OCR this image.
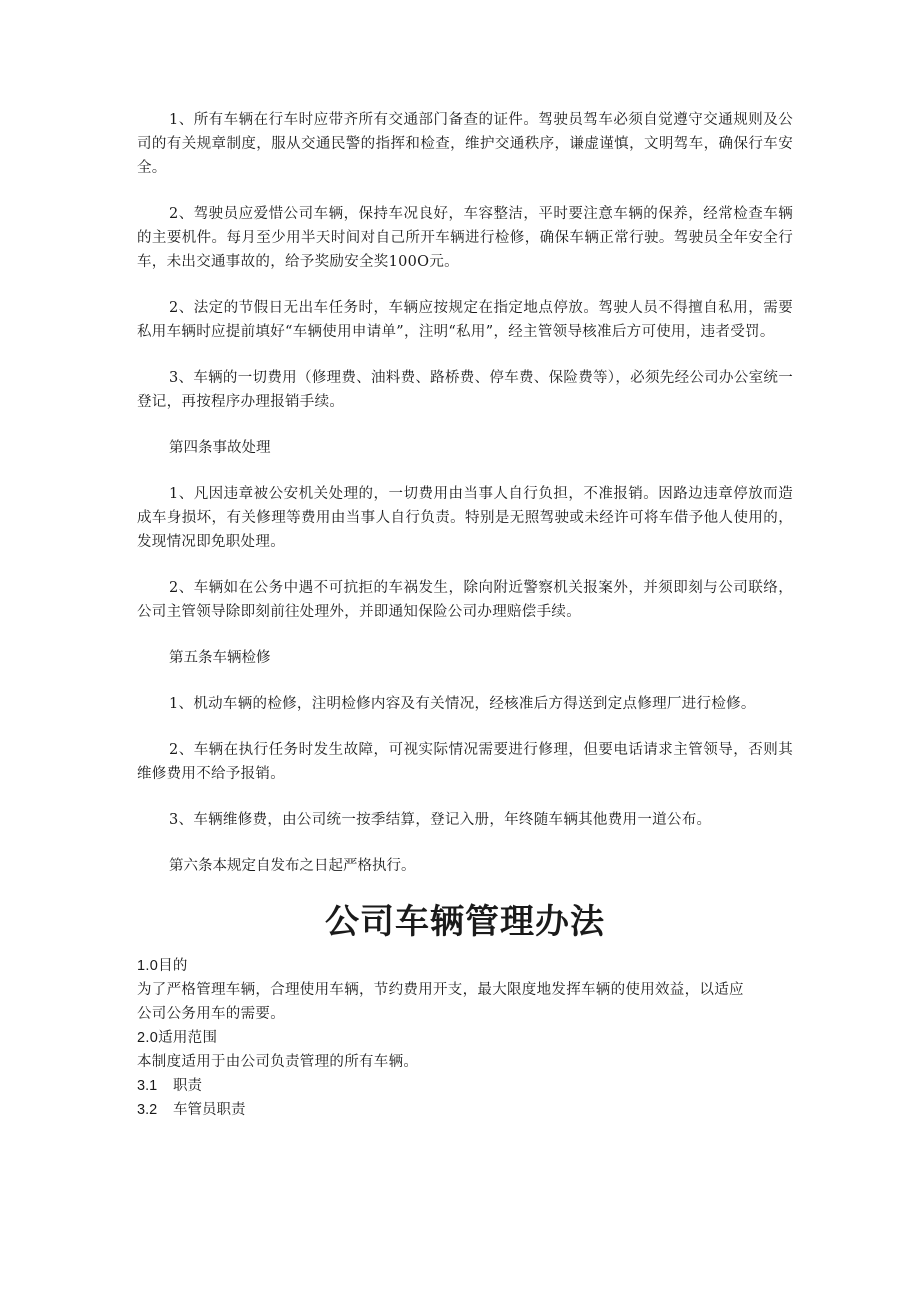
1、所有车辆在行车时应带齐所有交通部门备查的证件。驾驶员驾车必须自觉遵守交通规则及公司的有关规章制度，服从交通民警的指挥和检查，维护交通秩序，谦虚谨慎，文明驾车，确保行车安全。

2、驾驶员应爱惜公司车辆，保持车况良好，车容整洁，平时要注意车辆的保养，经常检查车辆的主要机件。每月至少用半天时间对自己所开车辆进行检修，确保车辆正常行驶。驾驶员全年安全行车，未出交通事故的，给予奖励安全奖100O元。

2、法定的节假日无出车任务时，车辆应按规定在指定地点停放。驾驶人员不得擅自私用，需要私用车辆时应提前填好“车辆使用申请单”，注明“私用”，经主管领导核准后方可使用，违者受罚。

3、车辆的一切费用（修理费、油料费、路桥费、停车费、保险费等），必须先经公司办公室统一登记，再按程序办理报销手续。

第四条事故处理

1、凡因违章被公安机关处理的，一切费用由当事人自行负担，不准报销。因路边违章停放而造成车身损坏，有关修理等费用由当事人自行负责。特别是无照驾驶或未经许可将车借予他人使用的，发现情况即免职处理。

2、车辆如在公务中遇不可抗拒的车祸发生，除向附近警察机关报案外，并须即刻与公司联络，公司主管领导除即刻前往处理外，并即通知保险公司办理赔偿手续。

第五条车辆检修

1、机动车辆的检修，注明检修内容及有关情况，经核准后方得送到定点修理厂进行检修。

2、车辆在执行任务时发生故障，可视实际情况需要进行修理，但要电话请求主管领导，否则其维修费用不给予报销。

3、车辆维修费，由公司统一按季结算，登记入册，年终随车辆其他费用一道公布。

第六条本规定自发布之日起严格执行。

公司车辆管理办法

1.0目的

为了严格管理车辆，合理使用车辆，节约费用开支，最大限度地发挥车辆的使用效益，以适应

公司公务用车的需要。

2.0适用范围

本制度适用于由公司负责管理的所有车辆。

3.1 职责

3.2 车管员职责
